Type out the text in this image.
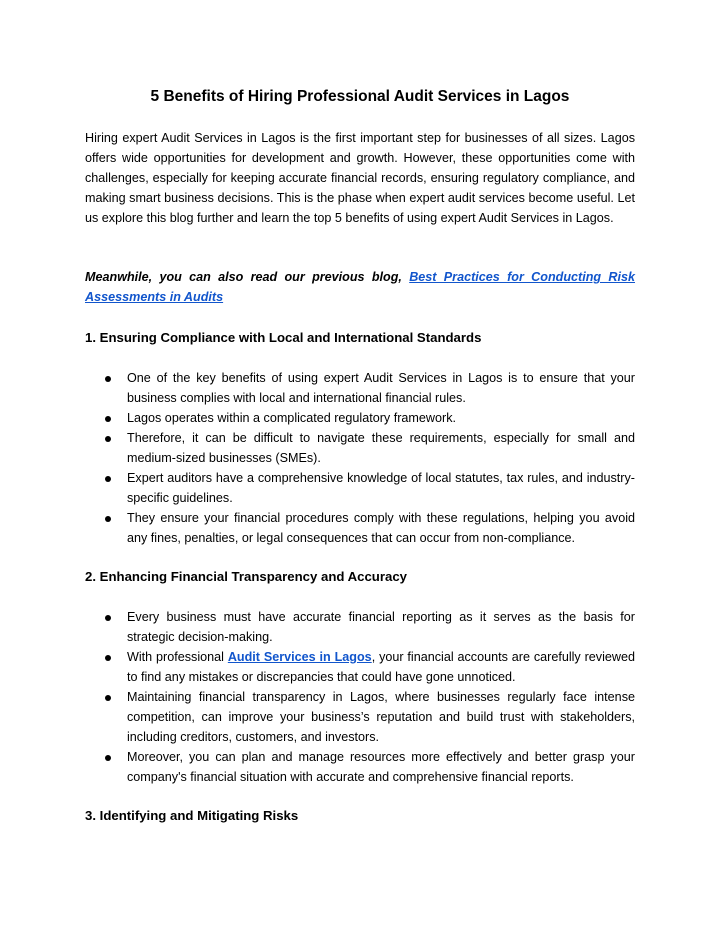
5 Benefits of Hiring Professional Audit Services in Lagos
Hiring expert Audit Services in Lagos is the first important step for businesses of all sizes. Lagos offers wide opportunities for development and growth. However, these opportunities come with challenges, especially for keeping accurate financial records, ensuring regulatory compliance, and making smart business decisions. This is the phase when expert audit services become useful. Let us explore this blog further and learn the top 5 benefits of using expert Audit Services in Lagos.
Meanwhile, you can also read our previous blog, Best Practices for Conducting Risk Assessments in Audits
1. Ensuring Compliance with Local and International Standards
One of the key benefits of using expert Audit Services in Lagos is to ensure that your business complies with local and international financial rules.
Lagos operates within a complicated regulatory framework.
Therefore, it can be difficult to navigate these requirements, especially for small and medium-sized businesses (SMEs).
Expert auditors have a comprehensive knowledge of local statutes, tax rules, and industry-specific guidelines.
They ensure your financial procedures comply with these regulations, helping you avoid any fines, penalties, or legal consequences that can occur from non-compliance.
2. Enhancing Financial Transparency and Accuracy
Every business must have accurate financial reporting as it serves as the basis for strategic decision-making.
With professional Audit Services in Lagos, your financial accounts are carefully reviewed to find any mistakes or discrepancies that could have gone unnoticed.
Maintaining financial transparency in Lagos, where businesses regularly face intense competition, can improve your business’s reputation and build trust with stakeholders, including creditors, customers, and investors.
Moreover, you can plan and manage resources more effectively and better grasp your company's financial situation with accurate and comprehensive financial reports.
3. Identifying and Mitigating Risks
